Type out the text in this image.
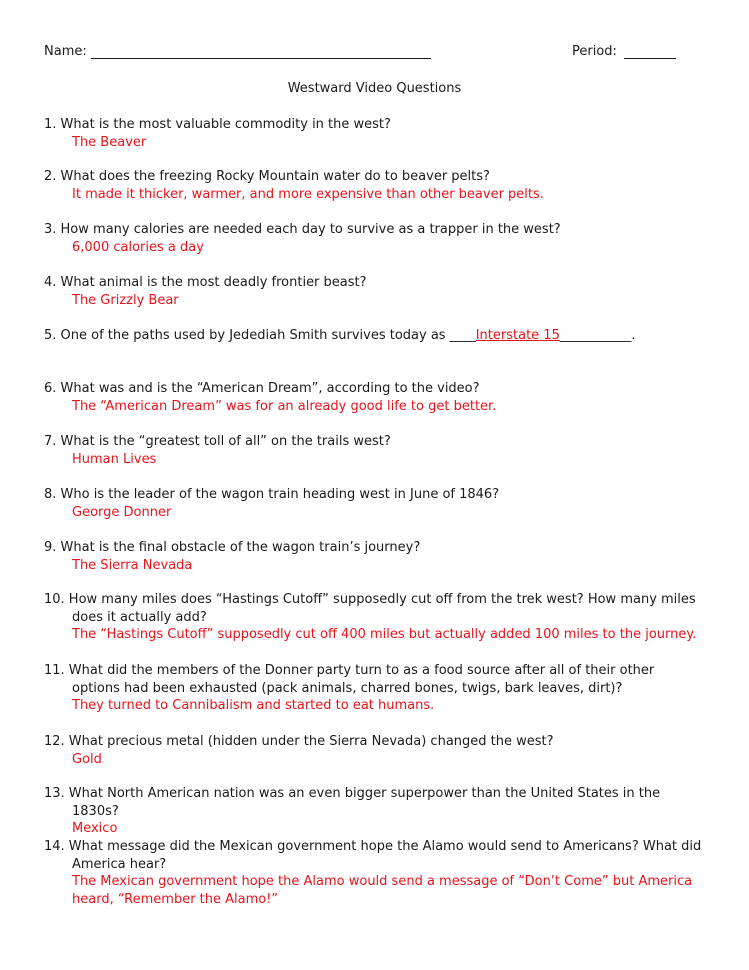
Name:	Period:
Westward Video Questions
1. What is the most valuable commodity in the west?
The Beaver
2. What does the freezing Rocky Mountain water do to beaver pelts?
It made it thicker, warmer, and more expensive than other beaver pelts.
3. How many calories are needed each day to survive as a trapper in the west?
6,000 calories a day
4. What animal is the most deadly frontier beast?
The Grizzly Bear
5. One of the paths used by Jedediah Smith survives today as ____Interstate 15___________.
6. What was and is the “American Dream”, according to the video?
The “American Dream” was for an already good life to get better.
7. What is the “greatest toll of all” on the trails west?
Human Lives
8. Who is the leader of the wagon train heading west in June of 1846?
George Donner
9. What is the final obstacle of the wagon train’s journey?
The Sierra Nevada
10. How many miles does “Hastings Cutoff” supposedly cut off from the trek west? How many miles does it actually add?
The “Hastings Cutoff” supposedly cut off 400 miles but actually added 100 miles to the journey.
11. What did the members of the Donner party turn to as a food source after all of their other options had been exhausted (pack animals, charred bones, twigs, bark leaves, dirt)?
They turned to Cannibalism and started to eat humans.
12. What precious metal (hidden under the Sierra Nevada) changed the west?
Gold
13. What North American nation was an even bigger superpower than the United States in the 1830s?
Mexico
14. What message did the Mexican government hope the Alamo would send to Americans? What did America hear?
The Mexican government hope the Alamo would send a message of “Don’t Come” but America heard, “Remember the Alamo!”
